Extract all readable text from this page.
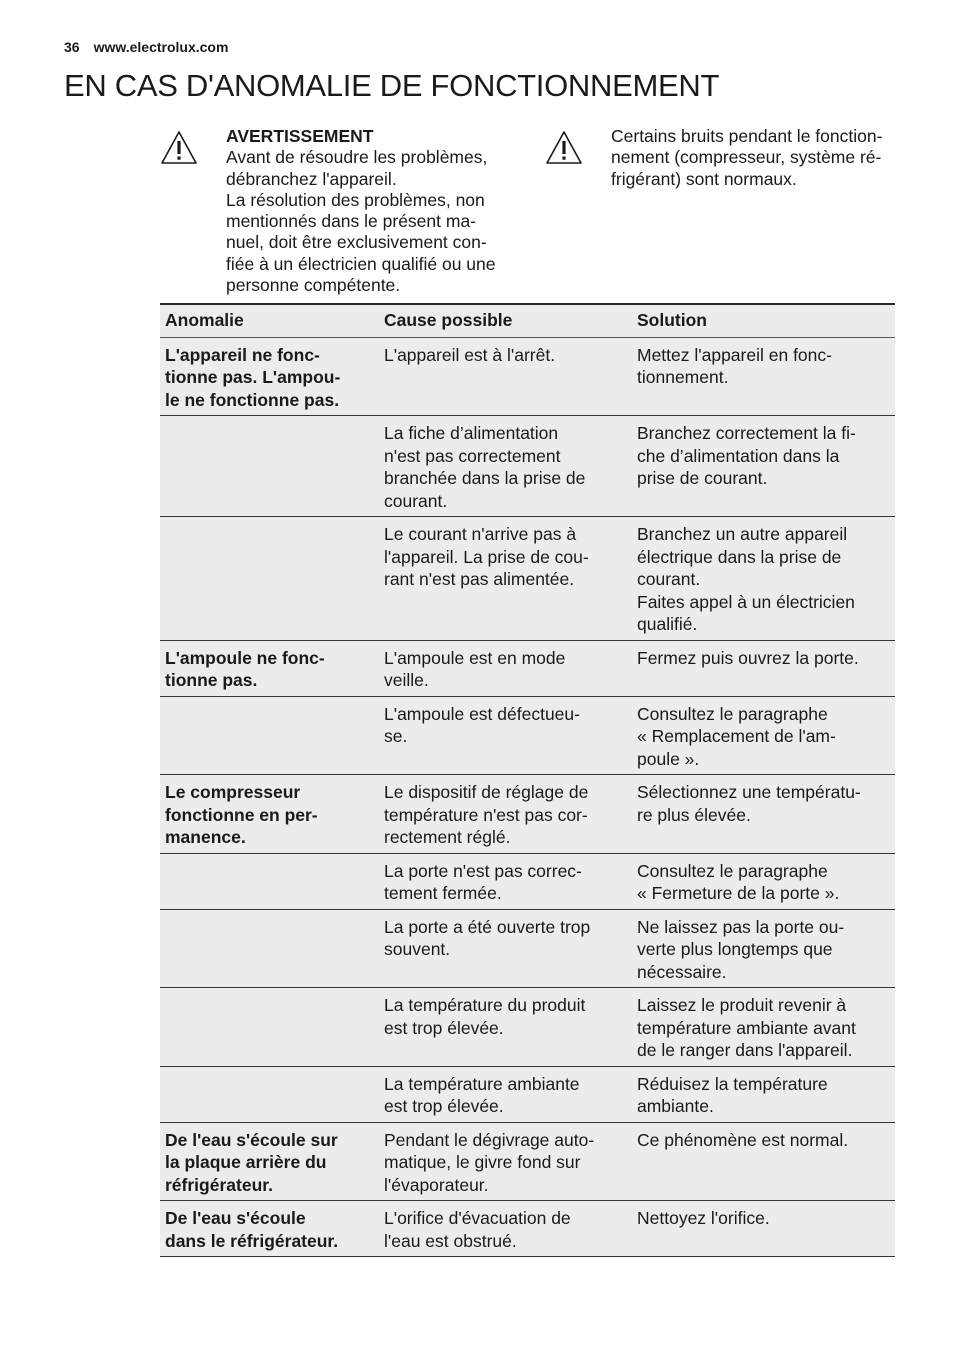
36 www.electrolux.com
EN CAS D'ANOMALIE DE FONCTIONNEMENT
AVERTISSEMENT
Avant de résoudre les problèmes,
débranchez l'appareil.
La résolution des problèmes, non
mentionnés dans le présent ma-
nuel, doit être exclusivement con-
fiée à un électricien qualifié ou une
personne compétente.
Certains bruits pendant le fonction-
nement (compresseur, système ré-
frigérant) sont normaux.
Anomalie	Cause possible	Solution

L'appareil ne fonc-
tionne pas. L'ampou-
le ne fonctionne pas.	L'appareil est à l'arrêt.	Mettez l'appareil en fonc-
tionnement.

	La fiche d’alimentation
n'est pas correctement
branchée dans la prise de
courant.	Branchez correctement la fi-
che d’alimentation dans la
prise de courant.

	Le courant n'arrive pas à
l'appareil. La prise de cou-
rant n'est pas alimentée.	Branchez un autre appareil
électrique dans la prise de
courant.
Faites appel à un électricien
qualifié.

L'ampoule ne fonc-
tionne pas.	L'ampoule est en mode
veille.	Fermez puis ouvrez la porte.

	L'ampoule est défectueu-
se.	Consultez le paragraphe
« Remplacement de l'am-
poule ».

Le compresseur
fonctionne en per-
manence.	Le dispositif de réglage de
température n'est pas cor-
rectement réglé.	Sélectionnez une températu-
re plus élevée.

	La porte n'est pas correc-
tement fermée.	Consultez le paragraphe
« Fermeture de la porte ».

	La porte a été ouverte trop
souvent.	Ne laissez pas la porte ou-
verte plus longtemps que
nécessaire.

	La température du produit
est trop élevée.	Laissez le produit revenir à
température ambiante avant
de le ranger dans l'appareil.

	La température ambiante
est trop élevée.	Réduisez la température
ambiante.

De l'eau s'écoule sur
la plaque arrière du
réfrigérateur.	Pendant le dégivrage auto-
matique, le givre fond sur
l'évaporateur.	Ce phénomène est normal.

De l'eau s'écoule
dans le réfrigérateur.	L'orifice d'évacuation de
l'eau est obstrué.	Nettoyez l'orifice.
